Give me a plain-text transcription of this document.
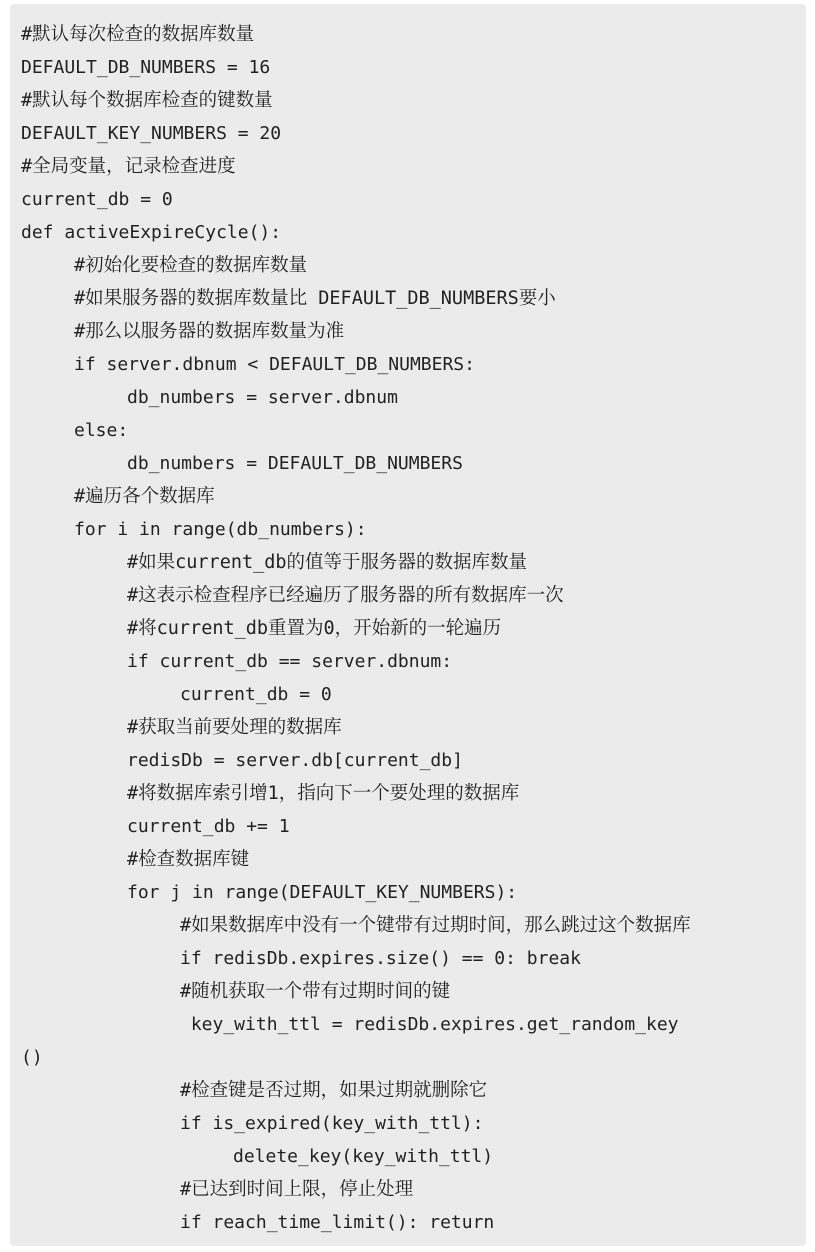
#默认每次检查的数据库数量
DEFAULT_DB_NUMBERS = 16
#默认每个数据库检查的键数量
DEFAULT_KEY_NUMBERS = 20
#全局变量，记录检查进度
current_db = 0
def activeExpireCycle():
#初始化要检查的数据库数量
#如果服务器的数据库数量比 DEFAULT_DB_NUMBERS要小
#那么以服务器的数据库数量为准
if server.dbnum < DEFAULT_DB_NUMBERS:
db_numbers = server.dbnum
else:
db_numbers = DEFAULT_DB_NUMBERS
#遍历各个数据库
for i in range(db_numbers):
#如果current_db的值等于服务器的数据库数量
#这表示检查程序已经遍历了服务器的所有数据库一次
#将current_db重置为0，开始新的一轮遍历
if current_db == server.dbnum:
current_db = 0
#获取当前要处理的数据库
redisDb = server.db[current_db]
#将数据库索引增1，指向下一个要处理的数据库
current_db += 1
#检查数据库键
for j in range(DEFAULT_KEY_NUMBERS):
#如果数据库中没有一个键带有过期时间，那么跳过这个数据库
if redisDb.expires.size() == 0: break
#随机获取一个带有过期时间的键
key_with_ttl = redisDb.expires.get_random_key
()
#检查键是否过期，如果过期就删除它
if is_expired(key_with_ttl):
delete_key(key_with_ttl)
#已达到时间上限，停止处理
if reach_time_limit(): return
